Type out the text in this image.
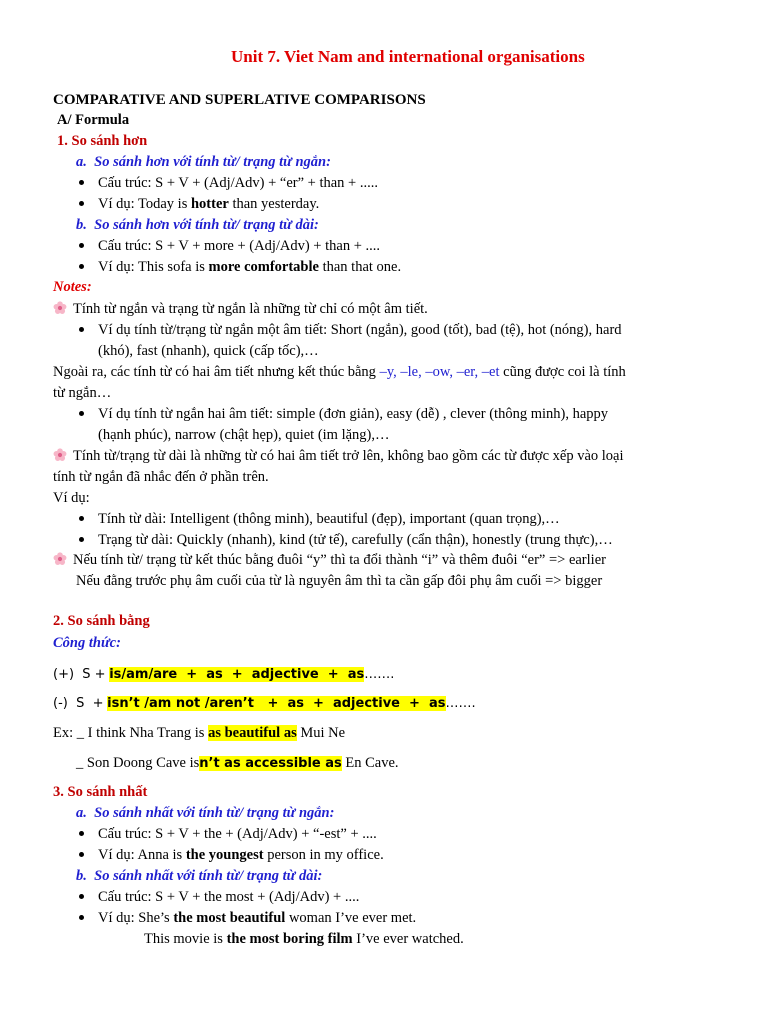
Unit 7. Viet Nam and international organisations
COMPARATIVE AND SUPERLATIVE COMPARISONS
A/ Formula
1. So sánh hơn
a.  So sánh hơn với tính từ/ trạng từ ngắn:
Cấu trúc: S + V + (Adj/Adv) + “er” + than + .....
Ví dụ: Today is hotter than yesterday.
b.  So sánh hơn với tính từ/ trạng từ dài:
Cấu trúc: S + V + more + (Adj/Adv) + than + ....
Ví dụ: This sofa is more comfortable than that one.
Notes:
Tính từ ngắn và trạng từ ngắn là những từ chỉ có một âm tiết.
Ví dụ tính từ/trạng từ ngắn một âm tiết: Short (ngắn), good (tốt), bad (tệ), hot (nóng), hard
(khó), fast (nhanh), quick (cấp tốc),…
Ngoài ra, các tính từ có hai âm tiết nhưng kết thúc bằng –y, –le, –ow, –er, –et cũng được coi là tính
từ ngắn…
Ví dụ tính từ ngắn hai âm tiết: simple (đơn giản), easy (dễ) , clever (thông minh), happy
(hạnh phúc), narrow (chật hẹp), quiet (im lặng),…
Tính từ/trạng từ dài là những từ có hai âm tiết trở lên, không bao gồm các từ được xếp vào loại
tính từ ngắn đã nhắc đến ở phần trên.
Ví dụ:
Tính từ dài: Intelligent (thông minh), beautiful (đẹp), important (quan trọng),…
Trạng từ dài: Quickly (nhanh), kind (tử tế), carefully (cẩn thận), honestly (trung thực),…
Nếu tính từ/ trạng từ kết thúc bằng đuôi “y” thì ta đổi thành “i” và thêm đuôi “er” => earlier
Nếu đằng trước phụ âm cuối của từ là nguyên âm thì ta cần gấp đôi phụ âm cuối => bigger
2. So sánh bằng
Công thức:
(+)  S + is/am/are  +  as  +  adjective  +  as…….
(-)  S  + isn’t /am not /aren’t   +  as  +  adjective  +  as…….
Ex: _ I think Nha Trang is as beautiful as Mui Ne
_ Son Doong Cave isn’t as accessible as En Cave.
3. So sánh nhất
a.  So sánh nhất với tính từ/ trạng từ ngắn:
Cấu trúc: S + V + the + (Adj/Adv) + “-est” + ....
Ví dụ: Anna is the youngest person in my office.
b.  So sánh nhất với tính từ/ trạng từ dài:
Cấu trúc: S + V + the most + (Adj/Adv) + ....
Ví dụ: She’s the most beautiful woman I’ve ever met.
This movie is the most boring film I’ve ever watched.
